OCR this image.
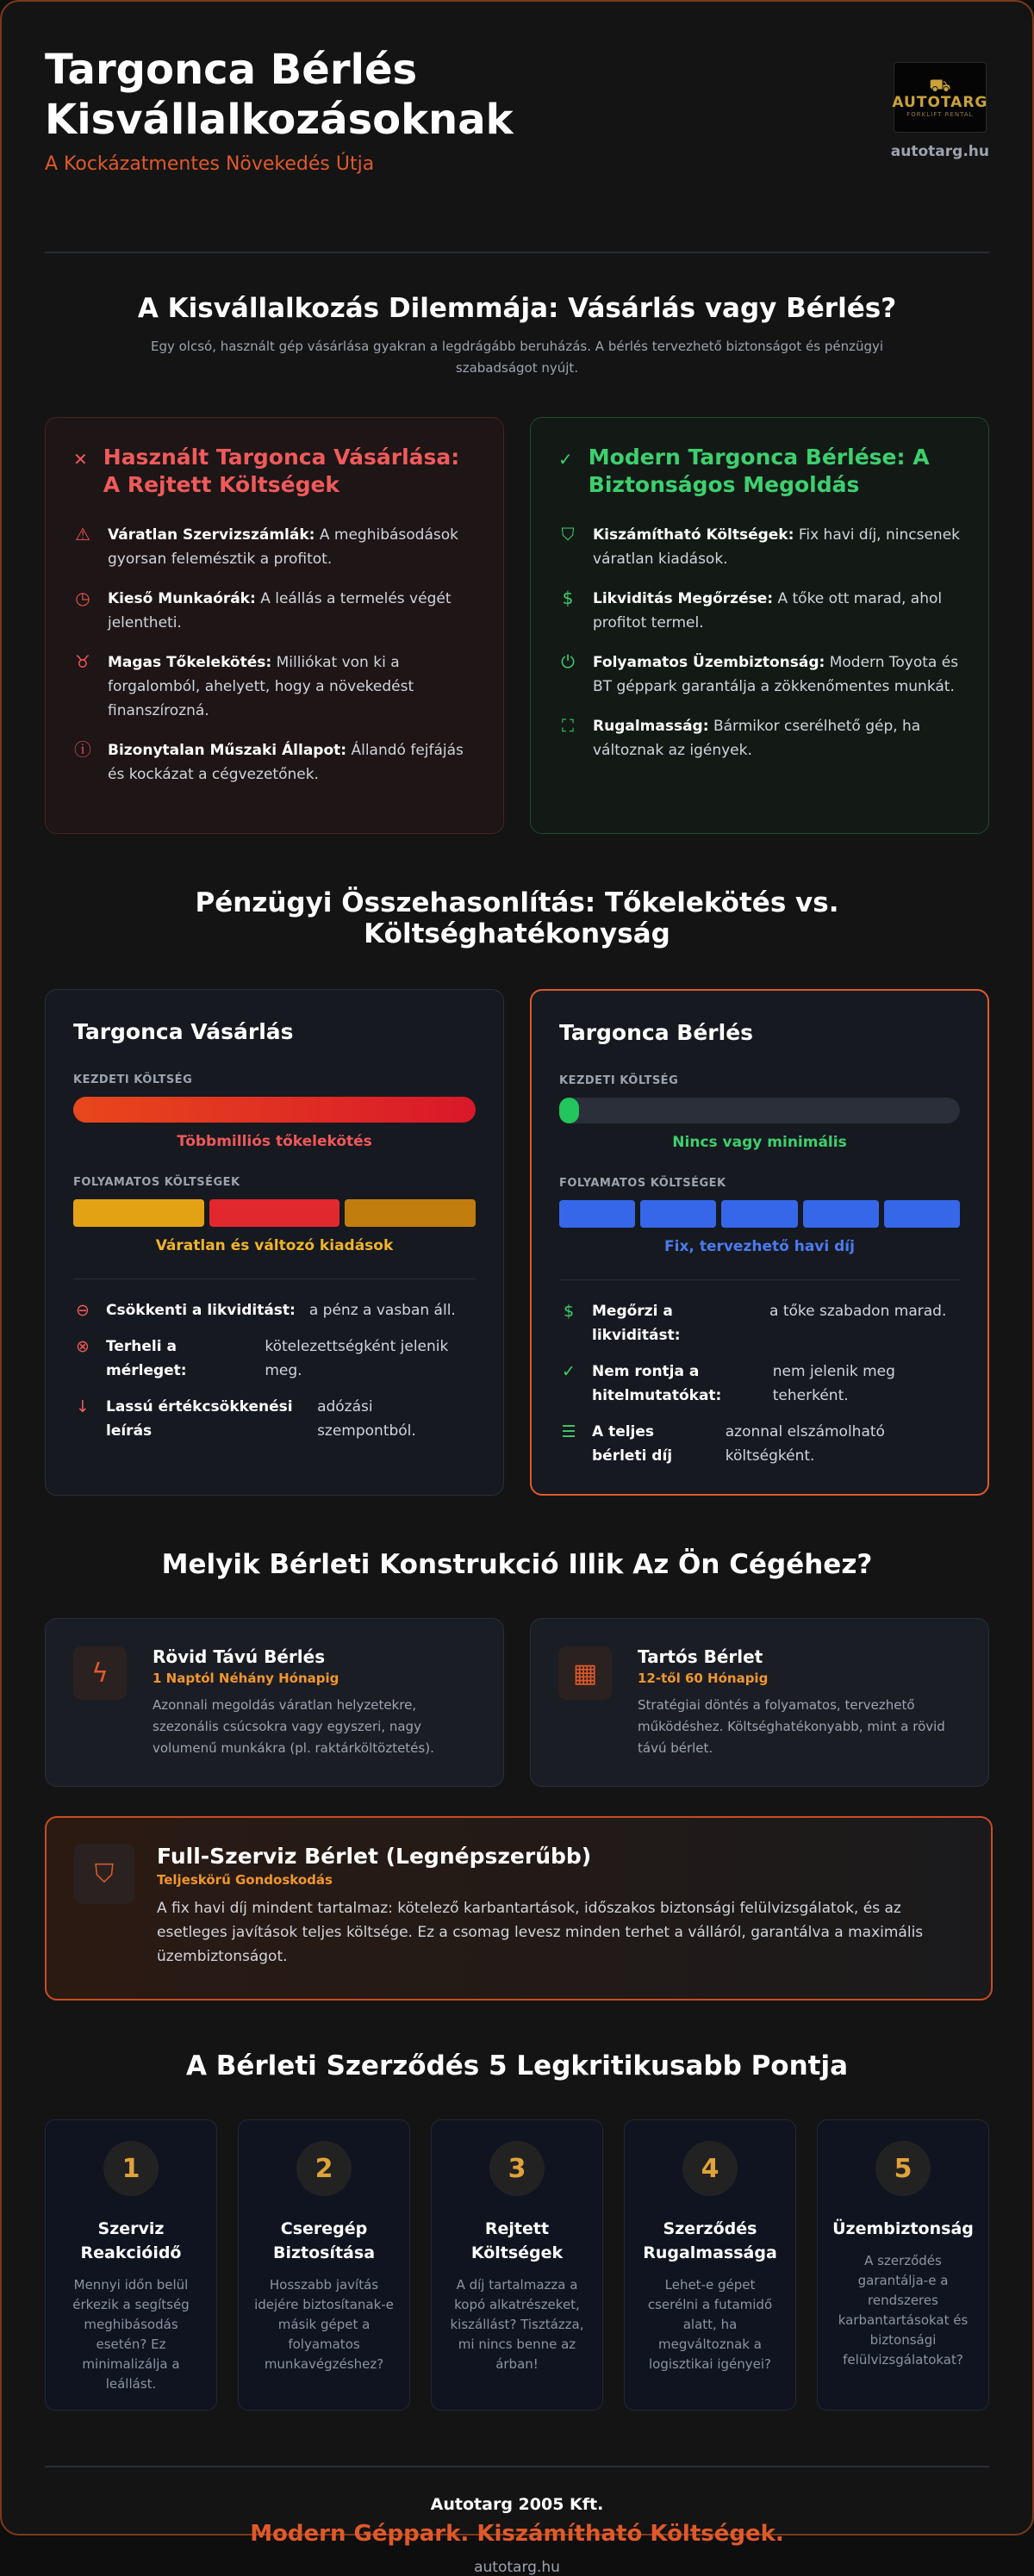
Targonca Bérlés
Kisvállalkozásoknak
A Kockázatmentes Növekedés Útja
⛟
AUTOTARG
FORKLIFT RENTAL
autotarg.hu
A Kisvállalkozás Dilemmája: Vásárlás vagy Bérlés?
Egy olcsó, használt gép vásárlása gyakran a legdrágább beruházás. A bérlés tervezhető biztonságot és pénzügyi szabadságot nyújt.
✕ Használt Targonca Vásárlása: A Rejtett Költségek
⚠ Váratlan Szervizszámlák: A meghibásodások gyorsan felemésztik a profitot.
◷ Kieső Munkaórák: A leállás a termelés végét jelentheti.
♉ Magas Tőkelekötés: Milliókat von ki a forgalomból, ahelyett, hogy a növekedést finanszírozná.
ⓘ Bizonytalan Műszaki Állapot: Állandó fejfájás és kockázat a cégvezetőnek.
✓ Modern Targonca Bérlése: A Biztonságos Megoldás
⛉ Kiszámítható Költségek: Fix havi díj, nincsenek váratlan kiadások.
$ Likviditás Megőrzése: A tőke ott marad, ahol profitot termel.
⏻ Folyamatos Üzembiztonság: Modern Toyota és BT géppark garantálja a zökkenőmentes munkát.
⛶ Rugalmasság: Bármikor cserélhető gép, ha változnak az igények.
Pénzügyi Összehasonlítás: Tőkelekötés vs. Költséghatékonyság
Targonca Vásárlás
KEZDETI KÖLTSÉG
Többmilliós tőkelekötés
FOLYAMATOS KÖLTSÉGEK
Váratlan és változó kiadások
⊖ Csökkenti a likviditást: a pénz a vasban áll.
⊗ Terheli a mérleget:
kötelezettségként jelenik meg.
↓ Lassú értékcsökkenési leírás
adózási szempontból.
Targonca Bérlés
KEZDETI KÖLTSÉG
Nincs vagy minimális
FOLYAMATOS KÖLTSÉGEK
Fix, tervezhető havi díj
$ Megőrzi a likviditást:
a tőke szabadon marad.
✓ Nem rontja a hitelmutatókat:
nem jelenik meg teherként.
☰ A teljes bérleti díj
azonnal elszámolható költségként.
Melyik Bérleti Konstrukció Illik Az Ön Cégéhez?
ϟ
Rövid Távú Bérlés
1 Naptól Néhány Hónapig
Azonnali megoldás váratlan helyzetekre, szezonális csúcsokra vagy egyszeri, nagy volumenű munkákra (pl. raktárköltöztetés).
▦
Tartós Bérlet
12-től 60 Hónapig
Stratégiai döntés a folyamatos, tervezhető működéshez. Költséghatékonyabb, mint a rövid távú bérlet.
⛉
Full-Szerviz Bérlet (Legnépszerűbb)
Teljeskörű Gondoskodás
A fix havi díj mindent tartalmaz: kötelező karbantartások, időszakos biztonsági felülvizsgálatok, és az esetleges javítások teljes költsége. Ez a csomag levesz minden terhet a válláról, garantálva a maximális üzembiztonságot.
A Bérleti Szerződés 5 Legkritikusabb Pontja
1
Szerviz Reakcióidő
Mennyi időn belül érkezik a segítség meghibásodás esetén? Ez minimalizálja a leállást.
2
Cseregép Biztosítása
Hosszabb javítás idejére biztosítanak-e másik gépet a folyamatos munkavégzéshez?
3
Rejtett Költségek
A díj tartalmazza a kopó alkatrészeket, kiszállást? Tisztázza, mi nincs benne az árban!
4
Szerződés Rugalmassága
Lehet-e gépet cserélni a futamidő alatt, ha megváltoznak a logisztikai igényei?
5
Üzembiztonság
A szerződés garantálja-e a rendszeres karbantartásokat és biztonsági felülvizsgálatokat?
Autotarg 2005 Kft.
Modern Géppark. Kiszámítható Költségek.
autotarg.hu
